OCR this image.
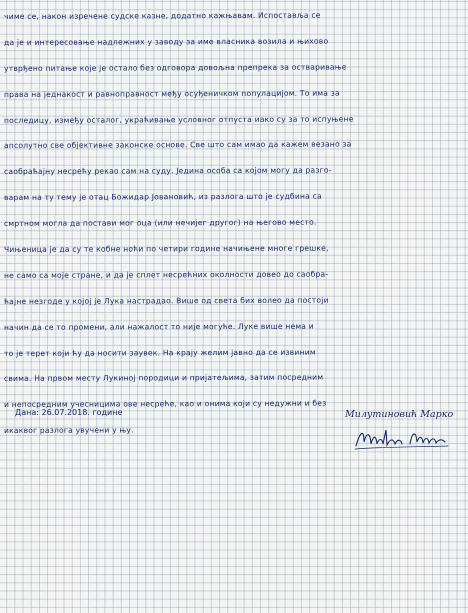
чиме се, након изречене судске казне, додатно кажњавам. Испоставља се
да је и интересовање надлежних у заводу за име власника возила и њихово
утврђено питање које је остало без одговора довољна препрека за остваривање
права на једнакост и равноправност међу осуђеничком популацијом. То има за
последицу, између осталог, украћивање условног отпуста иако су за то испуњене
апсолутно све објективне законске основе. Све што сам имао да кажем везано за
саобраћајну несрећу рекао сам на суду. Једина особа са којом могу да разго-
варам на ту тему је отац Божидар Јовановић, из разлога што је судбина са
смртном могла да постави мог оца (или нечијег другог) на његово место.
Чињеница је да су те кобне ноћи по четири године начињене многе грешке,
не само са моје стране, и да је сплет несрећних околности довео до саобра-
ћајне незгоде у којој је Лука настрадао. Више од света бих волео да постоји
начин да се то промени, али нажалост то није могуће. Луке више нема и
то је терет који ћу да носити заувек. На крају желим јавно да се извиним
свима. На првом месту Лукиној породици и пријатељима, затим посредним
и непосредним учесницима ове несреће, као и онима који су недужни и без
икаквог разлога увучени у њу.
Дана: 26.07.2018. године	Милутиновић Марко
